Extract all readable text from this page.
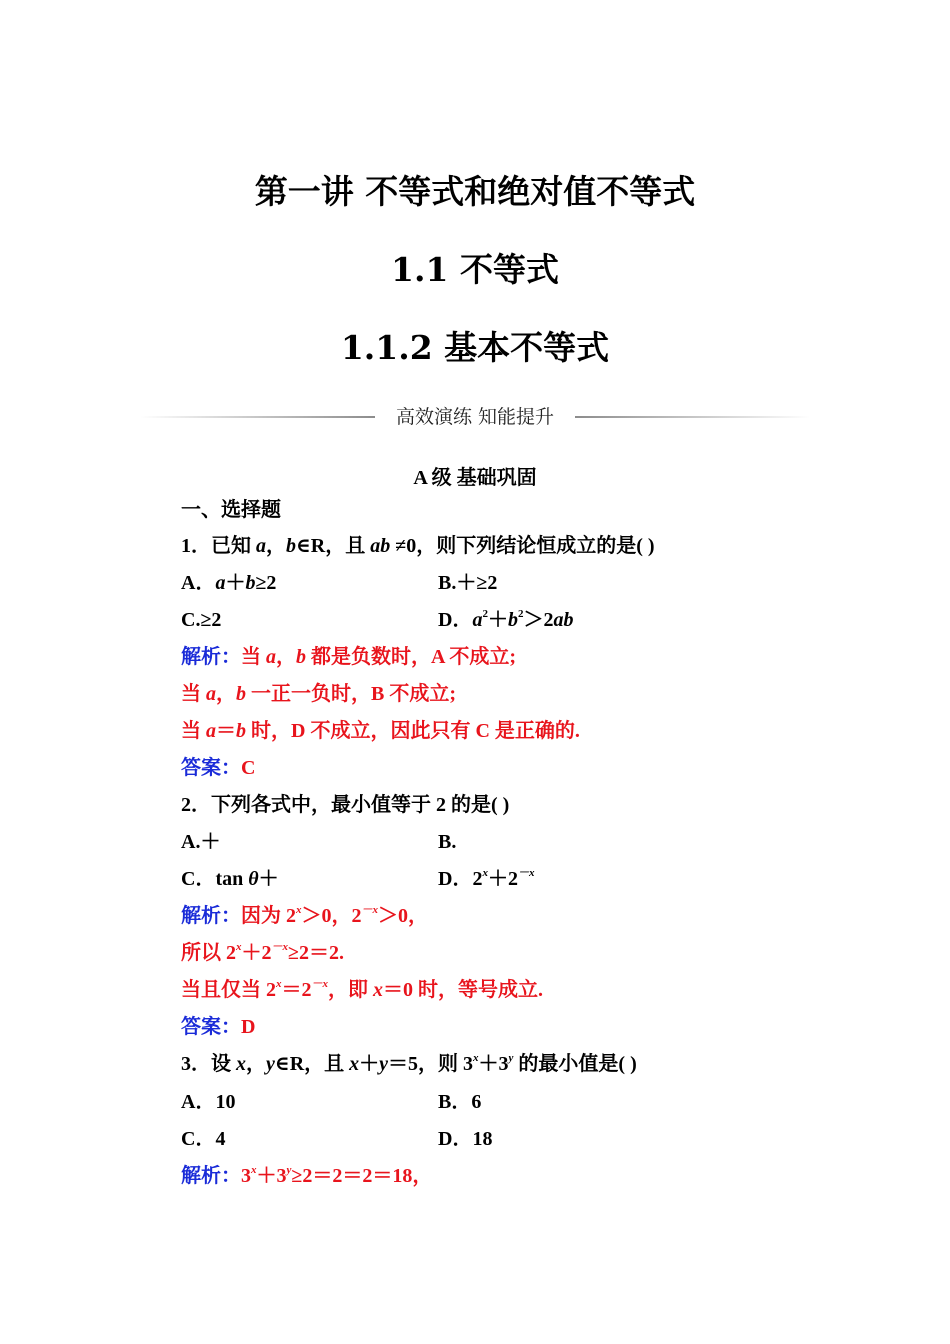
第一讲 不等式和绝对值不等式
1.1 不等式
1.1.2 基本不等式
高效演练 知能提升
A 级 基础巩固
一、选择题
1．已知 a，b∈R，且 ab ≠0，则下列结论恒成立的是( )
A．a＋b≥2	B.＋≥2
C.≥2	D．$a^2+b^2>2ab$
解析：当 a，b 都是负数时，A 不成立;
当 a，b 一正一负时，B 不成立;
当 a＝b 时，D 不成立，因此只有 C 是正确的.
答案：C
2．下列各式中，最小值等于 2 的是( )
A.＋	B.
C．tan θ＋	D．$2^x+2^{-x}$
解析：因为 $2^x>0$，$2^{-x}>0$，
所以 $2^x+2^{-x}\ge 2=2$.
当且仅当 $2^x=2^{-x}$，即 x＝0 时，等号成立.
答案：D
3．设 x，y∈R，且 x＋y＝5，则 $3^x+3^y$ 的最小值是( )
A．10	B．6
C．4	D．18
解析：$3^x+3^y\ge 2=2=2=18$，
